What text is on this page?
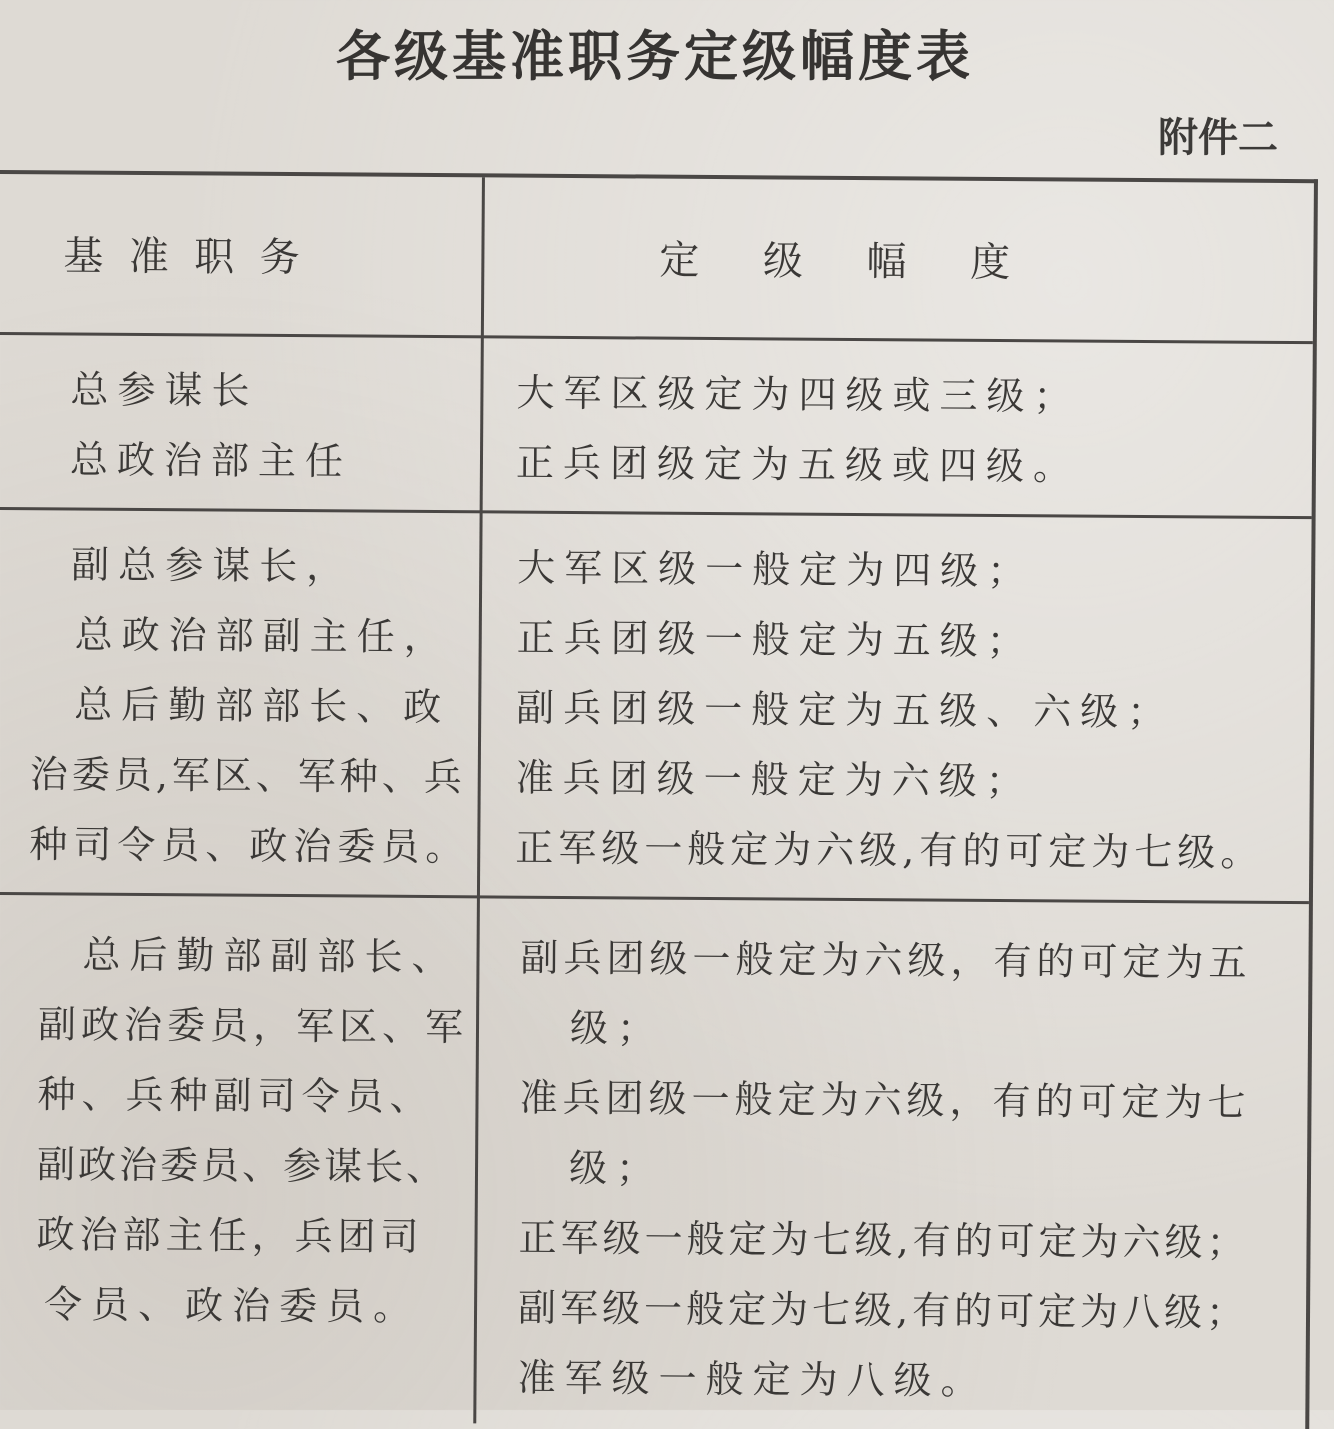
各级基准职务定级幅度表
附件二
基  准  职  务	定     级     幅     度
总参谋长
总政治部主任
大军区级定为四级或三级；
正兵团级定为五级或四级。
副总参谋长，
总政治部副主任，
总后勤部部长、政
治委员,军区、军种、兵
种司令员、政治委员。
大军区级一般定为四级；
正兵团级一般定为五级；
副兵团级一般定为五级、六级；
准兵团级一般定为六级；
正军级一般定为六级,有的可定为七级。
总后勤部副部长、
副政治委员，军区、军
种、兵种副司令员、
副政治委员、参谋长、
政治部主任，兵团司
令员、政治委员。
副兵团级一般定为六级，有的可定为五
级；
准兵团级一般定为六级，有的可定为七
级；
正军级一般定为七级,有的可定为六级；
副军级一般定为七级,有的可定为八级；
准军级一般定为八级。
